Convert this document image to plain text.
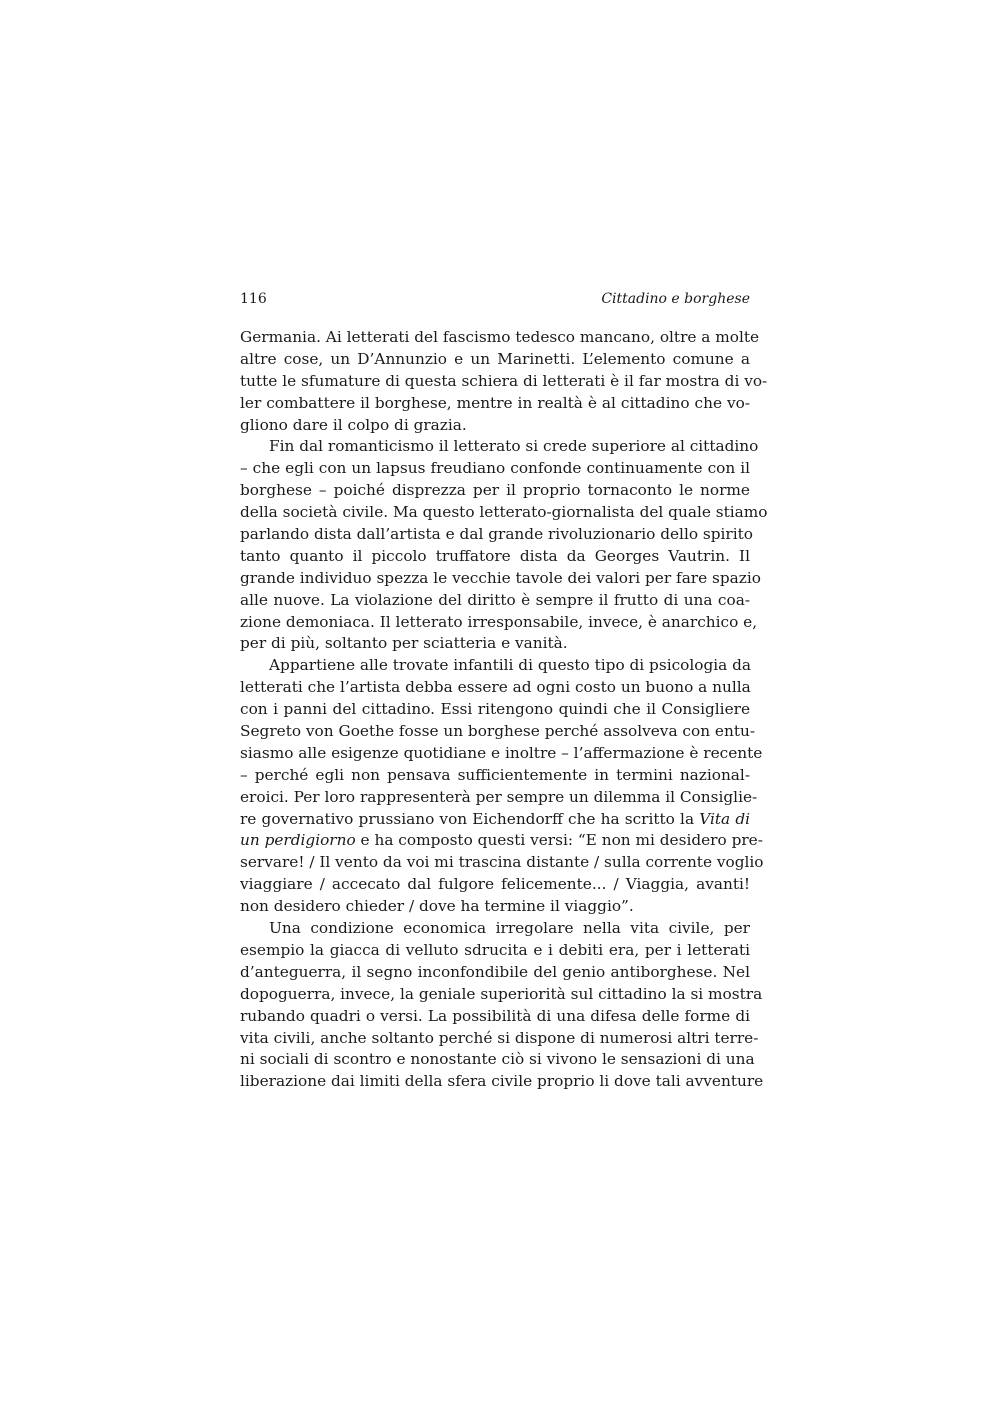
116	Cittadino e borghese
Germania. Ai letterati del fascismo tedesco mancano, oltre a molte
altre cose, un D’Annunzio e un Marinetti. L’elemento comune a
tutte le sfumature di questa schiera di letterati è il far mostra di vo-
ler combattere il borghese, mentre in realtà è al cittadino che vo-
gliono dare il colpo di grazia.
Fin dal romanticismo il letterato si crede superiore al cittadino
– che egli con un lapsus freudiano confonde continuamente con il
borghese – poiché disprezza per il proprio tornaconto le norme
della società civile. Ma questo letterato-giornalista del quale stiamo
parlando dista dall’artista e dal grande rivoluzionario dello spirito
tanto quanto il piccolo truffatore dista da Georges Vautrin. Il
grande individuo spezza le vecchie tavole dei valori per fare spazio
alle nuove. La violazione del diritto è sempre il frutto di una coa-
zione demoniaca. Il letterato irresponsabile, invece, è anarchico e,
per di più, soltanto per sciatteria e vanità.
Appartiene alle trovate infantili di questo tipo di psicologia da
letterati che l’artista debba essere ad ogni costo un buono a nulla
con i panni del cittadino. Essi ritengono quindi che il Consigliere
Segreto von Goethe fosse un borghese perché assolveva con entu-
siasmo alle esigenze quotidiane e inoltre – l’affermazione è recente
– perché egli non pensava sufficientemente in termini nazional-
eroici. Per loro rappresenterà per sempre un dilemma il Consiglie-
re governativo prussiano von Eichendorff che ha scritto la Vita di
un perdigiorno e ha composto questi versi: “E non mi desidero pre-
servare! / Il vento da voi mi trascina distante / sulla corrente voglio
viaggiare / accecato dal fulgore felicemente... / Viaggia, avanti!
non desidero chieder / dove ha termine il viaggio”.
Una condizione economica irregolare nella vita civile, per
esempio la giacca di velluto sdrucita e i debiti era, per i letterati
d’anteguerra, il segno inconfondibile del genio antiborghese. Nel
dopoguerra, invece, la geniale superiorità sul cittadino la si mostra
rubando quadri o versi. La possibilità di una difesa delle forme di
vita civili, anche soltanto perché si dispone di numerosi altri terre-
ni sociali di scontro e nonostante ciò si vivono le sensazioni di una
liberazione dai limiti della sfera civile proprio li dove tali avventure
